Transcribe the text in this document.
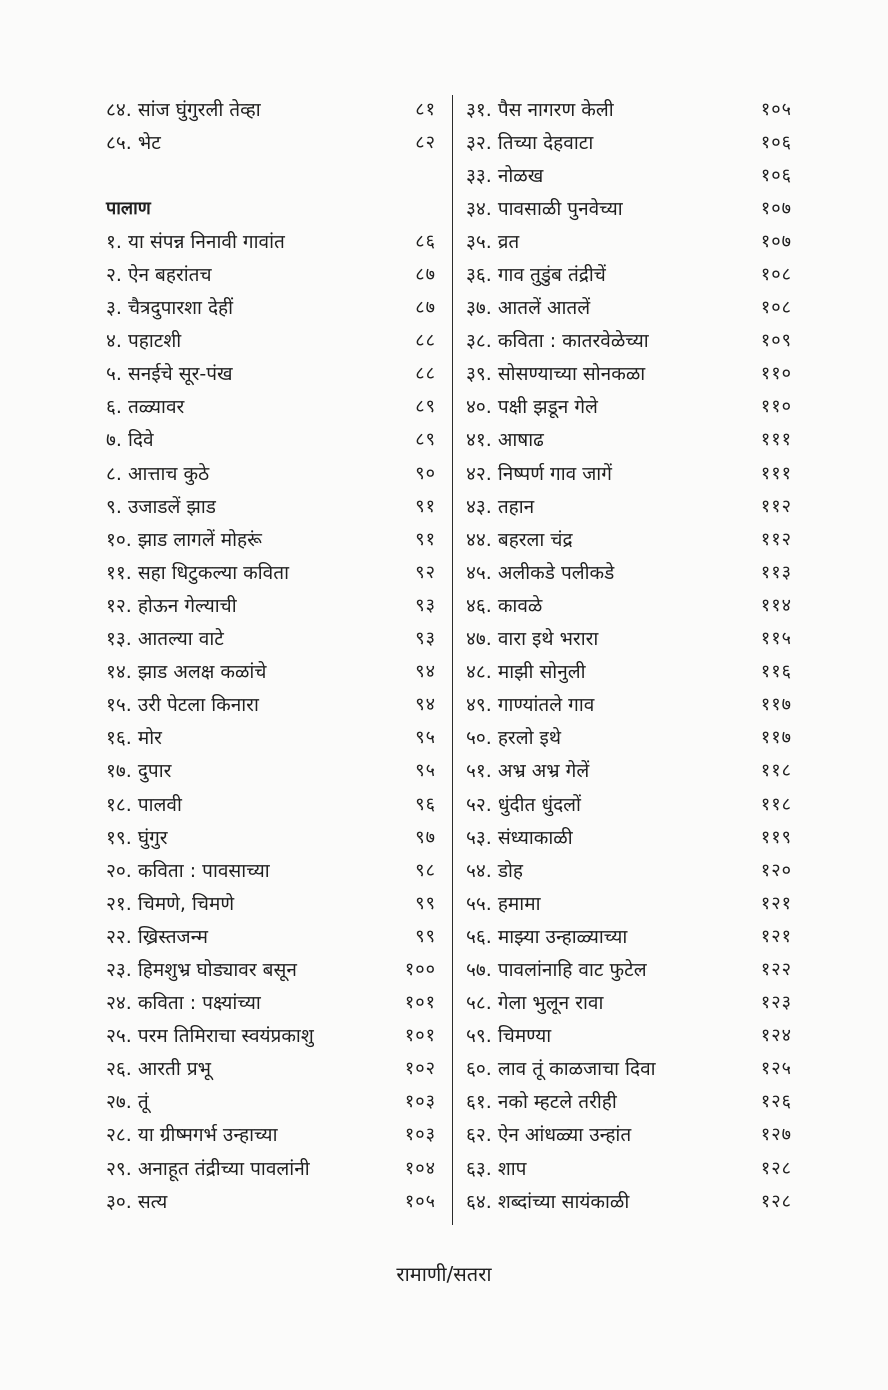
८४. सांज घुंगुरली तेव्हा	८१
८५. भेट	८२
पालाण
१. या संपन्न निनावी गावांत	८६
२. ऐन बहरांतच	८७
३. चैत्रदुपारशा देहीं	८७
४. पहाटशी	८८
५. सनईचे सूर-पंख	८८
६. तळ्यावर	८९
७. दिवे	८९
८. आत्ताच कुठे	९०
९. उजाडलें झाड	९१
१०. झाड लागलें मोहरूं	९१
११. सहा धिटुकल्या कविता	९२
१२. होऊन गेल्याची	९३
१३. आतल्या वाटे	९३
१४. झाड अलक्ष कळांचे	९४
१५. उरी पेटला किनारा	९४
१६. मोर	९५
१७. दुपार	९५
१८. पालवी	९६
१९. घुंगुर	९७
२०. कविता : पावसाच्या	९८
२१. चिमणे, चिमणे	९९
२२. ख्रिस्तजन्म	९९
२३. हिमशुभ्र घोड्यावर बसून	१००
२४. कविता : पक्ष्यांच्या	१०१
२५. परम तिमिराचा स्वयंप्रकाशु	१०१
२६. आरती प्रभू	१०२
२७. तूं	१०३
२८. या ग्रीष्मगर्भ उन्हाच्या	१०३
२९. अनाहूत तंद्रीच्या पावलांनी	१०४
३०. सत्य	१०५
३१. पैस नागरण केली	१०५
३२. तिच्या देहवाटा	१०६
३३. नोळख	१०६
३४. पावसाळी पुनवेच्या	१०७
३५. व्रत	१०७
३६. गाव तुडुंब तंद्रीचें	१०८
३७. आतलें आतलें	१०८
३८. कविता : कातरवेळेच्या	१०९
३९. सोसण्याच्या सोनकळा	११०
४०. पक्षी झडून गेले	११०
४१. आषाढ	१११
४२. निष्पर्ण गाव जागें	१११
४३. तहान	११२
४४. बहरला चंद्र	११२
४५. अलीकडे पलीकडे	११३
४६. कावळे	११४
४७. वारा इथे भरारा	११५
४८. माझी सोनुली	११६
४९. गाण्यांतले गाव	११७
५०. हरलो इथे	११७
५१. अभ्र अभ्र गेलें	११८
५२. धुंदीत धुंदलों	११८
५३. संध्याकाळी	११९
५४. डोह	१२०
५५. हमामा	१२१
५६. माझ्या उन्हाळ्याच्या	१२१
५७. पावलांनाहि वाट फुटेल	१२२
५८. गेला भुलून रावा	१२३
५९. चिमण्या	१२४
६०. लाव तूं काळजाचा दिवा	१२५
६१. नको म्हटले तरीही	१२६
६२. ऐन आंधळ्या उन्हांत	१२७
६३. शाप	१२८
६४. शब्दांच्या सायंकाळी	१२८
रामाणी/सतरा
